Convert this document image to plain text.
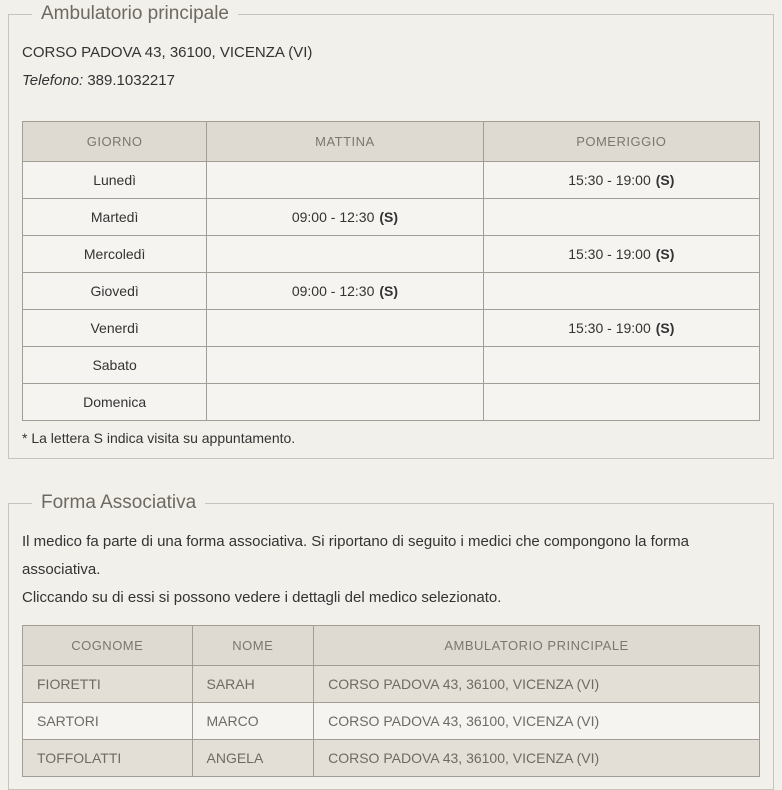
Ambulatorio principale

CORSO PADOVA 43, 36100, VICENZA (VI)

Telefono: 389.1032217

GIORNO	MATTINA	POMERIGGIO
Lunedì		15:30 - 19:00 (S)
Martedì	09:00 - 12:30 (S)	
Mercoledì		15:30 - 19:00 (S)
Giovedì	09:00 - 12:30 (S)	
Venerdì		15:30 - 19:00 (S)
Sabato		
Domenica		

* La lettera S indica visita su appuntamento.

Forma Associativa

Il medico fa parte di una forma associativa. Si riportano di seguito i medici che compongono la forma associativa.
Cliccando su di essi si possono vedere i dettagli del medico selezionato.

COGNOME	NOME	AMBULATORIO PRINCIPALE
FIORETTI	SARAH	CORSO PADOVA 43, 36100, VICENZA (VI)
SARTORI	MARCO	CORSO PADOVA 43, 36100, VICENZA (VI)
TOFFOLATTI	ANGELA	CORSO PADOVA 43, 36100, VICENZA (VI)
